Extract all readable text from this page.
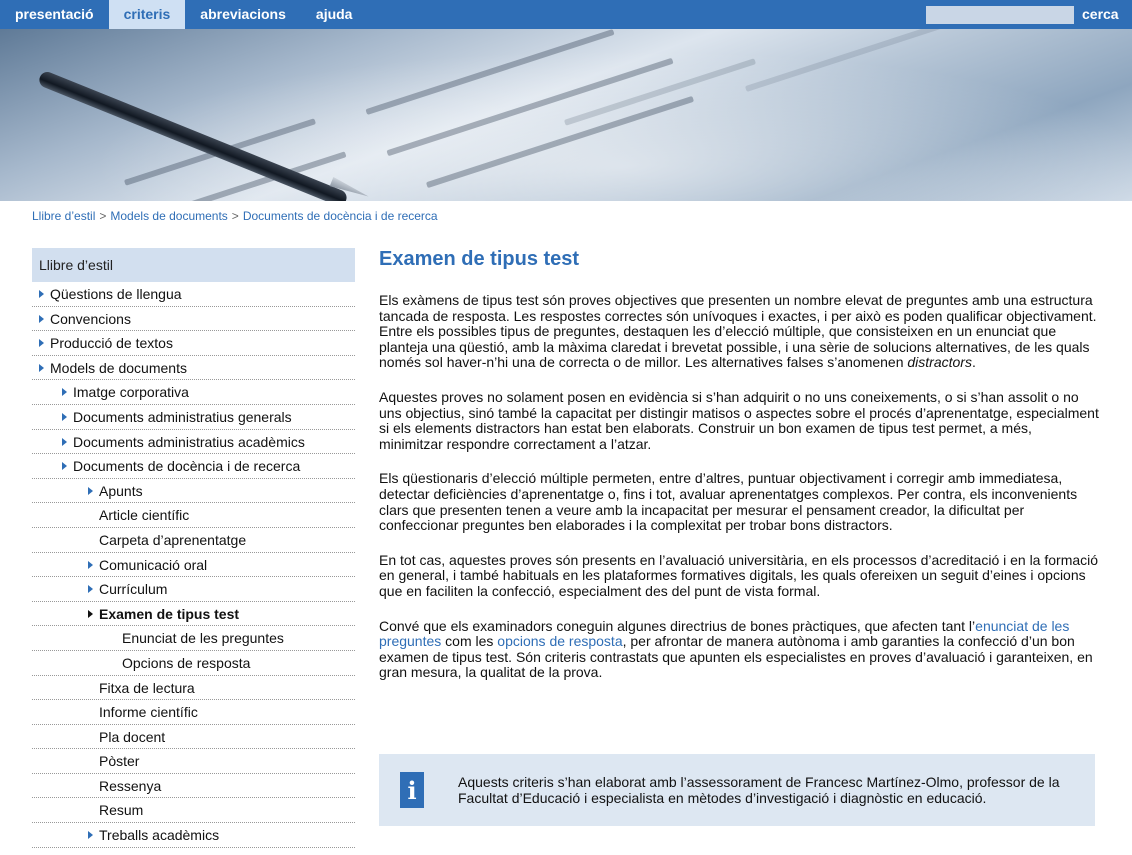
presentació	criteris	abreviacions	ajuda	cerca
Llibre d’estil > Models de documents > Documents de docència i de recerca
Llibre d’estil
Qüestions de llengua
Convencions
Producció de textos
Models de documents
Imatge corporativa
Documents administratius generals
Documents administratius acadèmics
Documents de docència i de recerca
Apunts
Article científic
Carpeta d’aprenentatge
Comunicació oral
Currículum
Examen de tipus test
Enunciat de les preguntes
Opcions de resposta
Fitxa de lectura
Informe científic
Pla docent
Pòster
Ressenya
Resum
Treballs acadèmics
Examen de tipus test

Els exàmens de tipus test són proves objectives que presenten un nombre elevat de preguntes amb una estructura tancada de resposta. Les respostes correctes són unívoques i exactes, i per això es poden qualificar objectivament. Entre els possibles tipus de preguntes, destaquen les d’elecció múltiple, que consisteixen en un enunciat que planteja una qüestió, amb la màxima claredat i brevetat possible, i una sèrie de solucions alternatives, de les quals només sol haver-n’hi una de correcta o de millor. Les alternatives falses s’anomenen distractors.

Aquestes proves no solament posen en evidència si s’han adquirit o no uns coneixements, o si s’han assolit o no uns objectius, sinó també la capacitat per distingir matisos o aspectes sobre el procés d’aprenentatge, especialment si els elements distractors han estat ben elaborats. Construir un bon examen de tipus test permet, a més, minimitzar respondre correctament a l’atzar.

Els qüestionaris d’elecció múltiple permeten, entre d’altres, puntuar objectivament i corregir amb immediatesa, detectar deficiències d’aprenentatge o, fins i tot, avaluar aprenentatges complexos. Per contra, els inconvenients clars que presenten tenen a veure amb la incapacitat per mesurar el pensament creador, la dificultat per confeccionar preguntes ben elaborades i la complexitat per trobar bons distractors.

En tot cas, aquestes proves són presents en l’avaluació universitària, en els processos d’acreditació i en la formació en general, i també habituals en les plataformes formatives digitals, les quals ofereixen un seguit d’eines i opcions que en faciliten la confecció, especialment des del punt de vista formal.

Convé que els examinadors coneguin algunes directrius de bones pràctiques, que afecten tant l’enunciat de les preguntes com les opcions de resposta, per afrontar de manera autònoma i amb garanties la confecció d’un bon examen de tipus test. Són criteris contrastats que apunten els especialistes en proves d’avaluació i garanteixen, en gran mesura, la qualitat de la prova.

i	Aquests criteris s’han elaborat amb l’assessorament de Francesc Martínez-Olmo, professor de la Facultat d’Educació i especialista en mètodes d’investigació i diagnòstic en educació.
